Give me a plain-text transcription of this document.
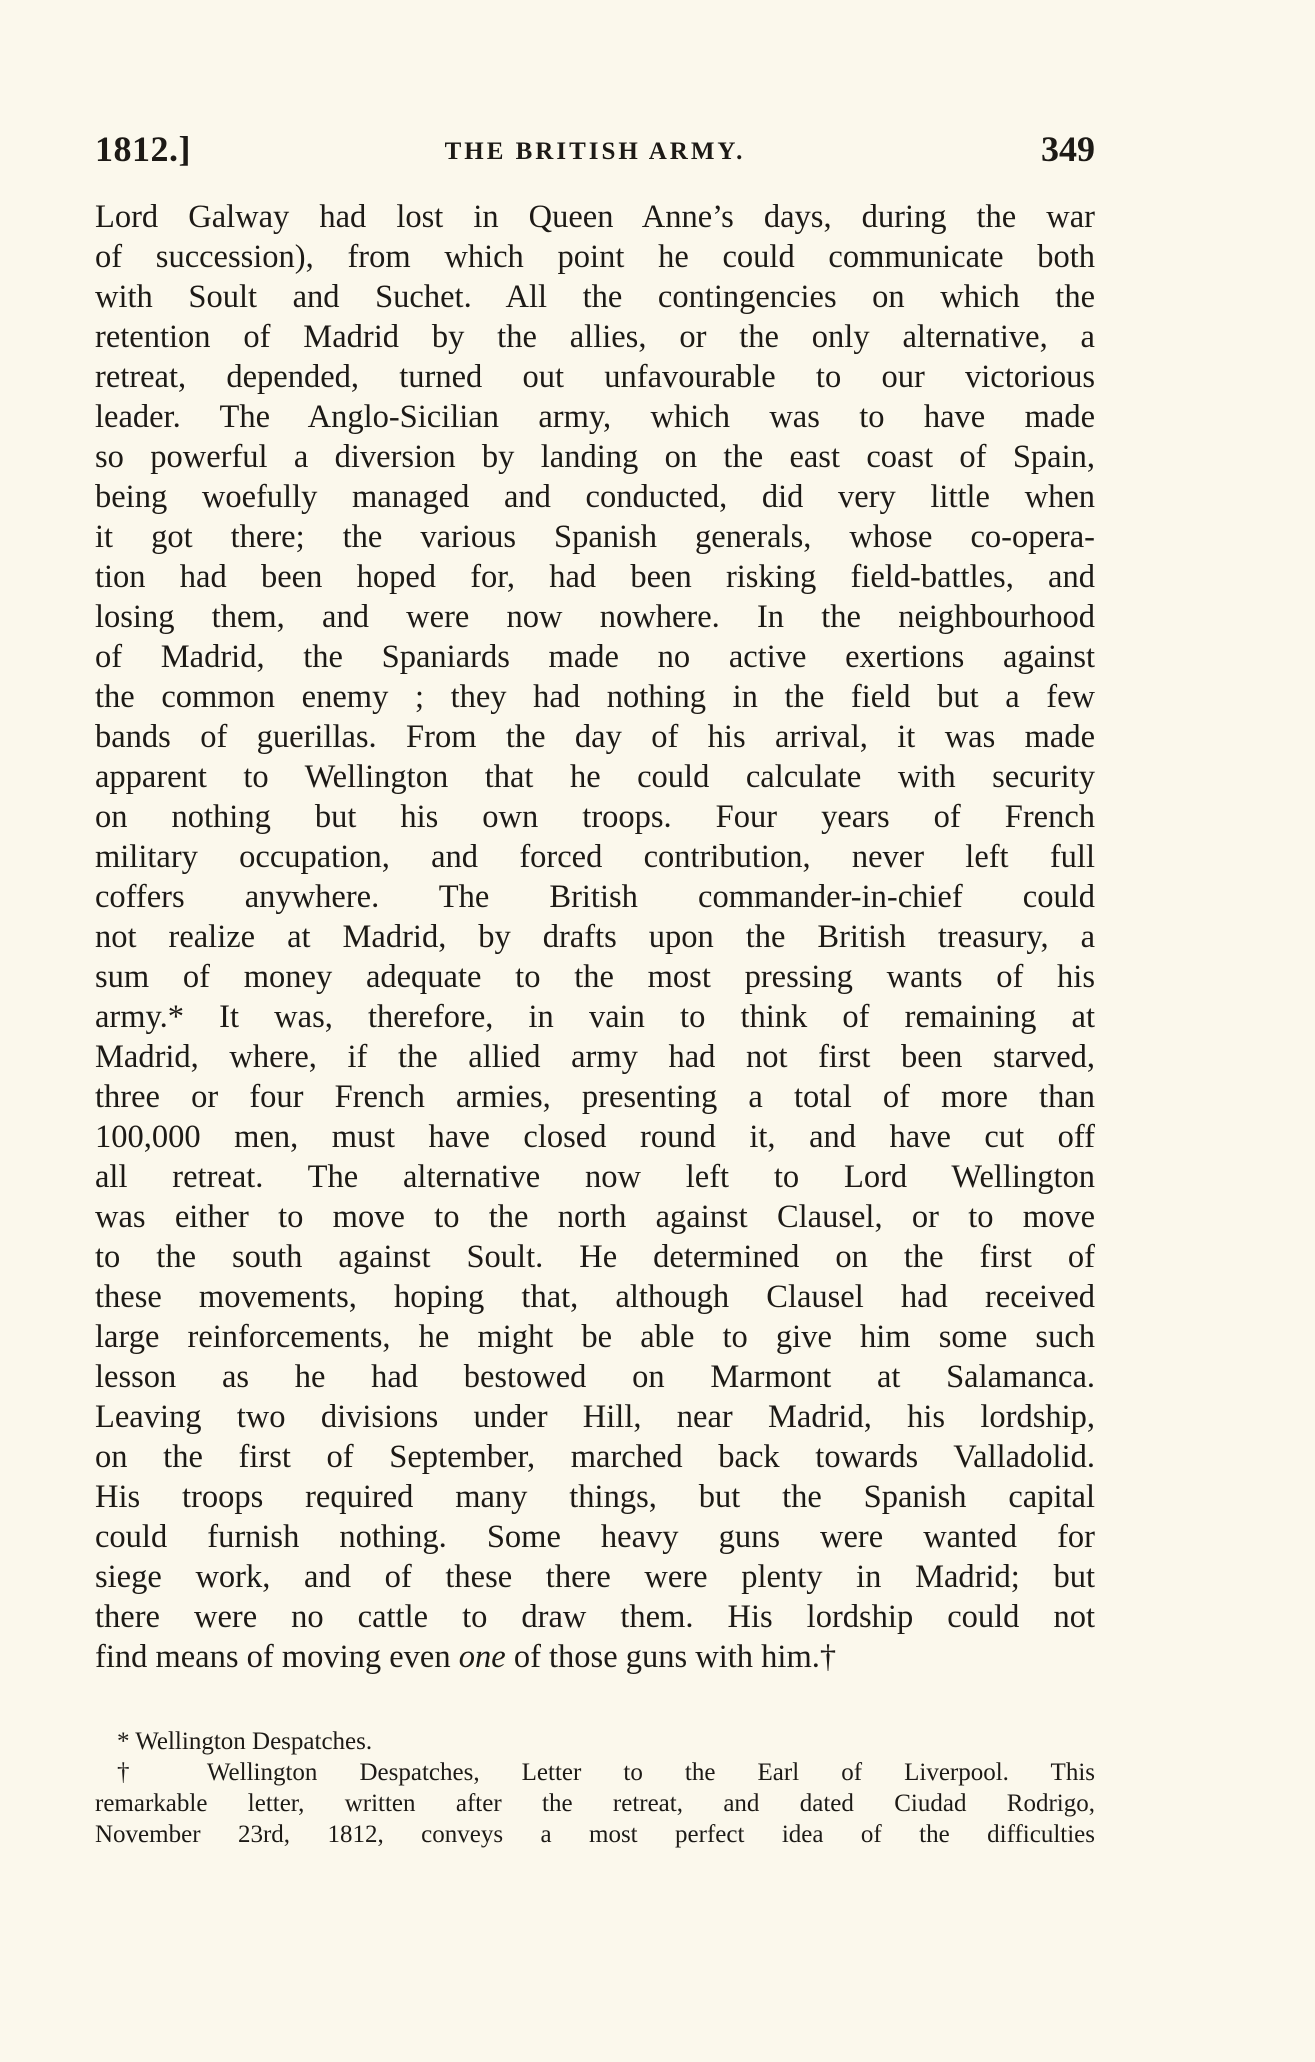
1812.]	THE BRITISH ARMY.	349
Lord Galway had lost in Queen Anne’s days, during the war
of succession), from which point he could communicate both
with Soult and Suchet. All the contingencies on which the
retention of Madrid by the allies, or the only alternative, a
retreat, depended, turned out unfavourable to our victorious
leader. The Anglo-Sicilian army, which was to have made
so powerful a diversion by landing on the east coast of Spain,
being woefully managed and conducted, did very little when
it got there; the various Spanish generals, whose co-opera-
tion had been hoped for, had been risking field-battles, and
losing them, and were now nowhere. In the neighbourhood
of Madrid, the Spaniards made no active exertions against
the common enemy ; they had nothing in the field but a few
bands of guerillas. From the day of his arrival, it was made
apparent to Wellington that he could calculate with security
on nothing but his own troops. Four years of French
military occupation, and forced contribution, never left full
coffers anywhere. The British commander-in-chief could
not realize at Madrid, by drafts upon the British treasury, a
sum of money adequate to the most pressing wants of his
army.* It was, therefore, in vain to think of remaining at
Madrid, where, if the allied army had not first been starved,
three or four French armies, presenting a total of more than
100,000 men, must have closed round it, and have cut off
all retreat. The alternative now left to Lord Wellington
was either to move to the north against Clausel, or to move
to the south against Soult. He determined on the first of
these movements, hoping that, although Clausel had received
large reinforcements, he might be able to give him some such
lesson as he had bestowed on Marmont at Salamanca.
Leaving two divisions under Hill, near Madrid, his lordship,
on the first of September, marched back towards Valladolid.
His troops required many things, but the Spanish capital
could furnish nothing. Some heavy guns were wanted for
siege work, and of these there were plenty in Madrid; but
there were no cattle to draw them. His lordship could not
find means of moving even one of those guns with him.†
* Wellington Despatches.
† Wellington Despatches, Letter to the Earl of Liverpool. This
remarkable letter, written after the retreat, and dated Ciudad Rodrigo,
November 23rd, 1812, conveys a most perfect idea of the difficulties
